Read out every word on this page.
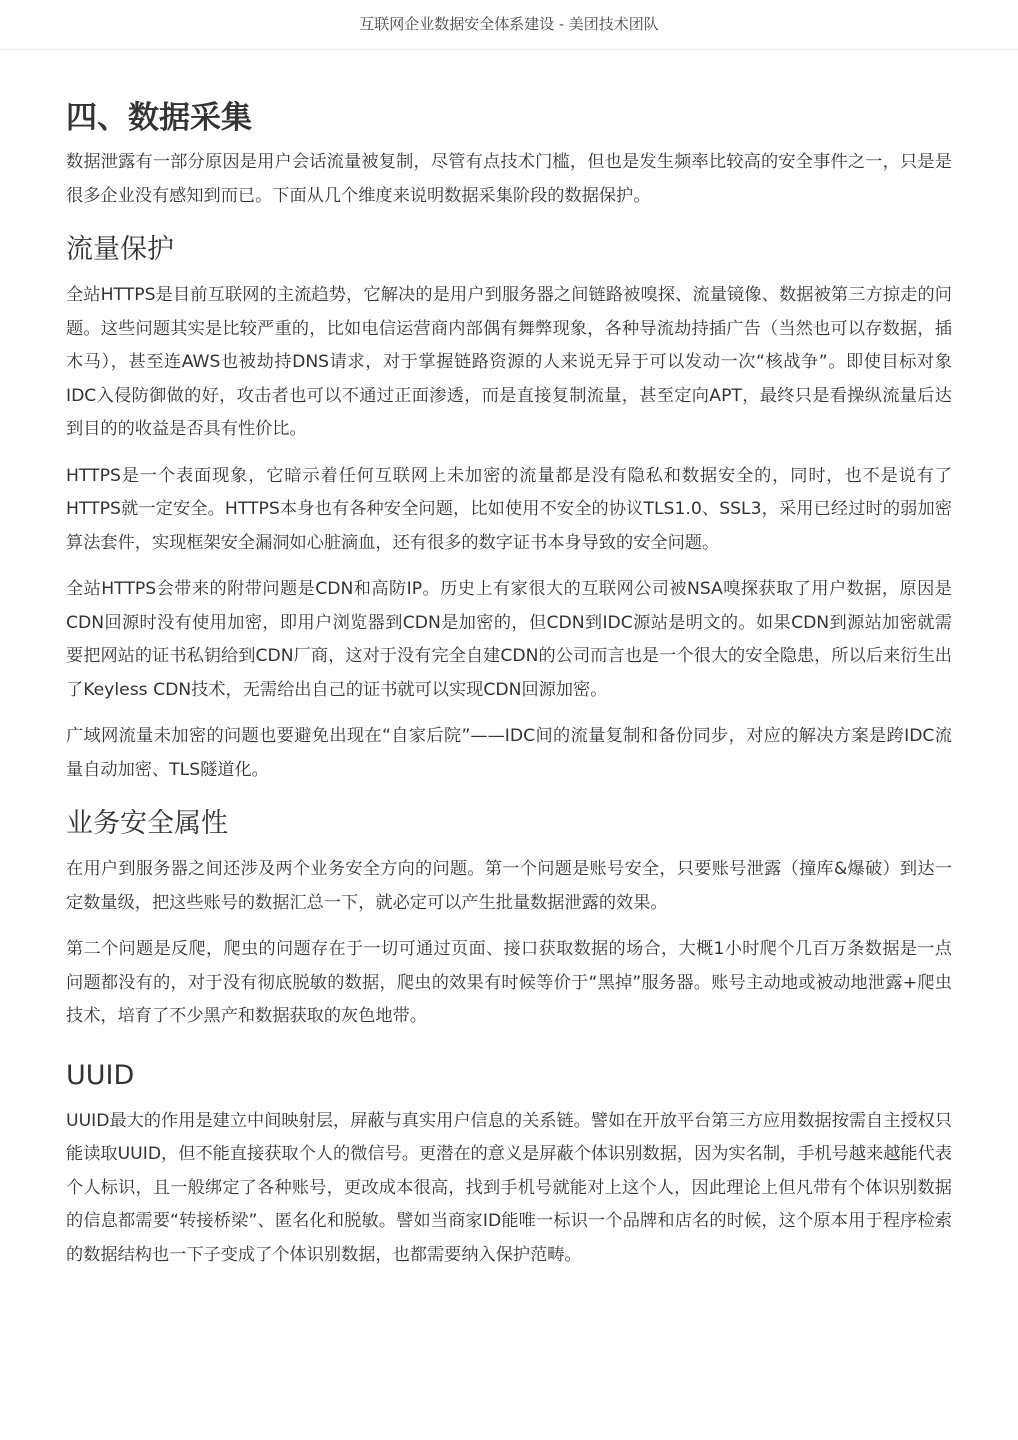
互联网企业数据安全体系建设 - 美团技术团队
四、数据采集

数据泄露有一部分原因是用户会话流量被复制，尽管有点技术门槛，但也是发生频率比较高的安全事件之一，只是是很多企业没有感知到而已。下面从几个维度来说明数据采集阶段的数据保护。

流量保护

全站HTTPS是目前互联网的主流趋势，它解决的是用户到服务器之间链路被嗅探、流量镜像、数据被第三方掠走的问题。这些问题其实是比较严重的，比如电信运营商内部偶有舞弊现象，各种导流劫持插广告（当然也可以存数据，插木马），甚至连AWS也被劫持DNS请求，对于掌握链路资源的人来说无异于可以发动一次“核战争”。即使目标对象IDC入侵防御做的好，攻击者也可以不通过正面渗透，而是直接复制流量，甚至定向APT，最终只是看操纵流量后达到目的的收益是否具有性价比。

HTTPS是一个表面现象，它暗示着任何互联网上未加密的流量都是没有隐私和数据安全的，同时，也不是说有了HTTPS就一定安全。HTTPS本身也有各种安全问题，比如使用不安全的协议TLS1.0、SSL3，采用已经过时的弱加密算法套件，实现框架安全漏洞如心脏滴血，还有很多的数字证书本身导致的安全问题。

全站HTTPS会带来的附带问题是CDN和高防IP。历史上有家很大的互联网公司被NSA嗅探获取了用户数据，原因是CDN回源时没有使用加密，即用户浏览器到CDN是加密的，但CDN到IDC源站是明文的。如果CDN到源站加密就需要把网站的证书私钥给到CDN厂商，这对于没有完全自建CDN的公司而言也是一个很大的安全隐患，所以后来衍生出了Keyless CDN技术，无需给出自己的证书就可以实现CDN回源加密。

广域网流量未加密的问题也要避免出现在“自家后院”——IDC间的流量复制和备份同步，对应的解决方案是跨IDC流量自动加密、TLS隧道化。

业务安全属性

在用户到服务器之间还涉及两个业务安全方向的问题。第一个问题是账号安全，只要账号泄露（撞库&爆破）到达一定数量级，把这些账号的数据汇总一下，就必定可以产生批量数据泄露的效果。

第二个问题是反爬，爬虫的问题存在于一切可通过页面、接口获取数据的场合，大概1小时爬个几百万条数据是一点问题都没有的，对于没有彻底脱敏的数据，爬虫的效果有时候等价于“黑掉”服务器。账号主动地或被动地泄露+爬虫技术，培育了不少黑产和数据获取的灰色地带。

UUID

UUID最大的作用是建立中间映射层，屏蔽与真实用户信息的关系链。譬如在开放平台第三方应用数据按需自主授权只能读取UUID，但不能直接获取个人的微信号。更潜在的意义是屏蔽个体识别数据，因为实名制，手机号越来越能代表个人标识，且一般绑定了各种账号，更改成本很高，找到手机号就能对上这个人，因此理论上但凡带有个体识别数据的信息都需要“转接桥梁”、匿名化和脱敏。譬如当商家ID能唯一标识一个品牌和店名的时候，这个原本用于程序检索的数据结构也一下子变成了个体识别数据，也都需要纳入保护范畴。
